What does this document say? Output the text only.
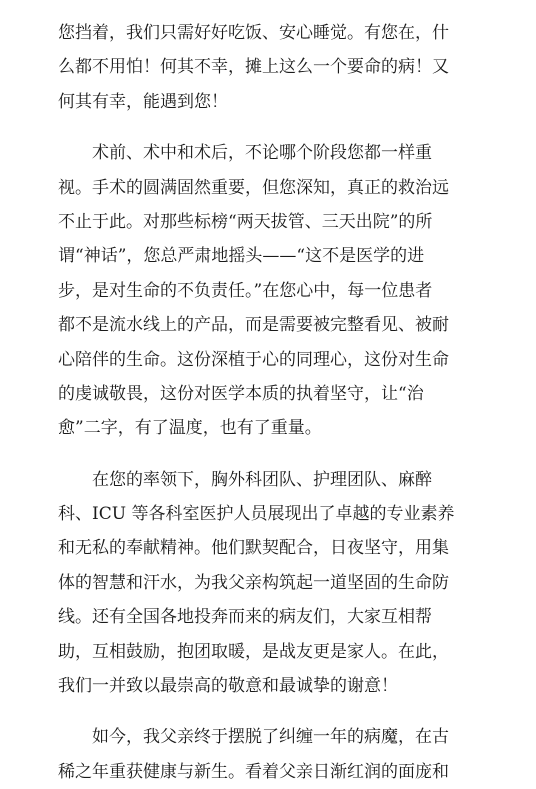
您挡着，我们只需好好吃饭、安心睡觉。有您在，什
么都不用怕！何其不幸，摊上这么一个要命的病！又
何其有幸，能遇到您！
　　术前、术中和术后，不论哪个阶段您都一样重
视。手术的圆满固然重要，但您深知，真正的救治远
不止于此。对那些标榜“两天拔管、三天出院”的所
谓“神话”，您总严肃地摇头——“这不是医学的进
步，是对生命的不负责任。”在您心中，每一位患者
都不是流水线上的产品，而是需要被完整看见、被耐
心陪伴的生命。这份深植于心的同理心，这份对生命
的虔诚敬畏，这份对医学本质的执着坚守，让“治
愈”二字，有了温度，也有了重量。
　　在您的率领下，胸外科团队、护理团队、麻醉
科、ICU 等各科室医护人员展现出了卓越的专业素养
和无私的奉献精神。他们默契配合，日夜坚守，用集
体的智慧和汗水，为我父亲构筑起一道坚固的生命防
线。还有全国各地投奔而来的病友们，大家互相帮
助，互相鼓励，抱团取暖，是战友更是家人。在此，
我们一并致以最崇高的敬意和最诚挚的谢意！
　　如今，我父亲终于摆脱了纠缠一年的病魔，在古
稀之年重获健康与新生。看着父亲日渐红润的面庞和
